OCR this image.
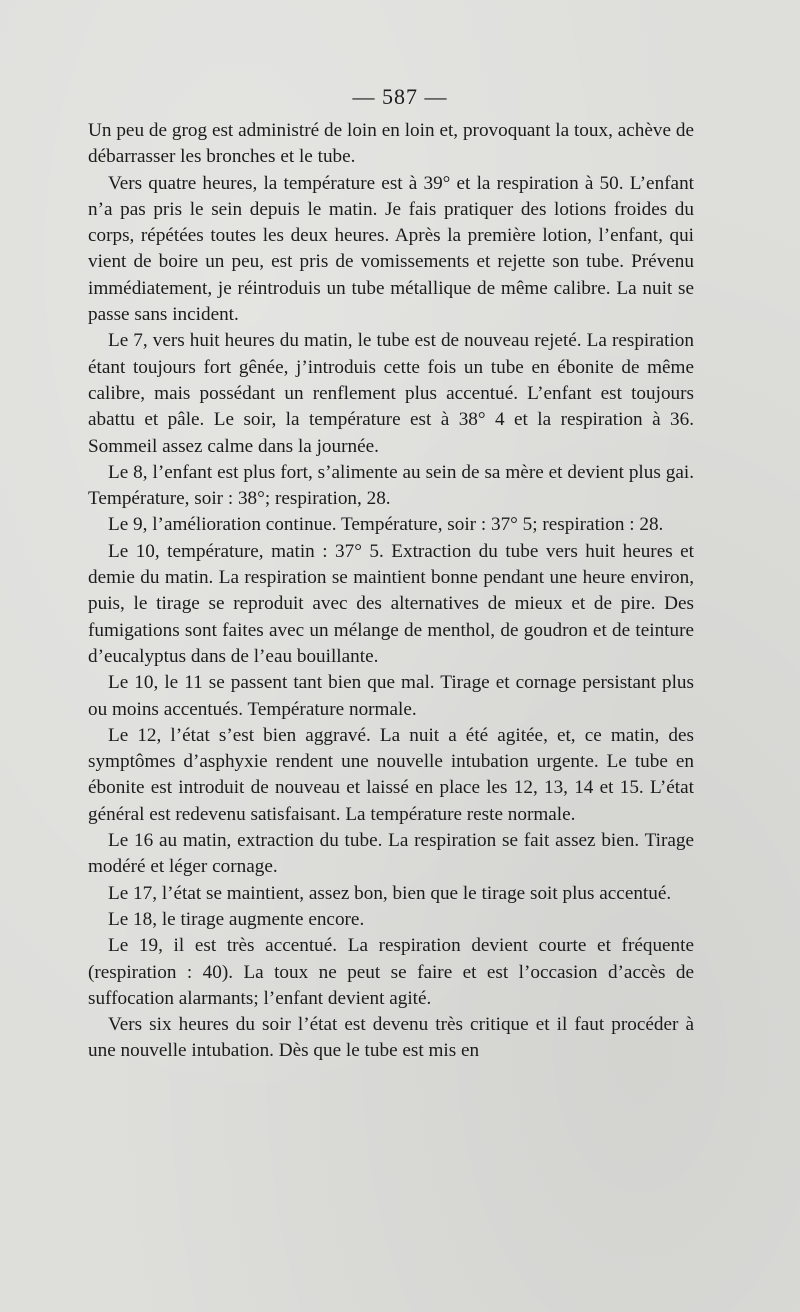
— 587 —

Un peu de grog est administré de loin en loin et, provoquant la toux, achève de débarrasser les bronches et le tube.

Vers quatre heures, la température est à 39° et la respiration à 50. L’enfant n’a pas pris le sein depuis le matin. Je fais pratiquer des lotions froides du corps, répétées toutes les deux heures. Après la première lotion, l’enfant, qui vient de boire un peu, est pris de vomissements et rejette son tube. Prévenu immédiatement, je réintroduis un tube métallique de même calibre. La nuit se passe sans incident.

Le 7, vers huit heures du matin, le tube est de nouveau rejeté. La respiration étant toujours fort gênée, j’introduis cette fois un tube en ébonite de même calibre, mais possédant un renflement plus accentué. L’enfant est toujours abattu et pâle. Le soir, la température est à 38° 4 et la respiration à 36. Sommeil assez calme dans la journée.

Le 8, l’enfant est plus fort, s’alimente au sein de sa mère et devient plus gai. Température, soir : 38°; respiration, 28.

Le 9, l’amélioration continue. Température, soir : 37° 5; respiration : 28.

Le 10, température, matin : 37° 5. Extraction du tube vers huit heures et demie du matin. La respiration se maintient bonne pendant une heure environ, puis, le tirage se reproduit avec des alternatives de mieux et de pire. Des fumigations sont faites avec un mélange de menthol, de goudron et de teinture d’eucalyptus dans de l’eau bouillante.

Le 10, le 11 se passent tant bien que mal. Tirage et cornage persistant plus ou moins accentués. Température normale.

Le 12, l’état s’est bien aggravé. La nuit a été agitée, et, ce matin, des symptômes d’asphyxie rendent une nouvelle intubation urgente. Le tube en ébonite est introduit de nouveau et laissé en place les 12, 13, 14 et 15. L’état général est redevenu satisfaisant. La température reste normale.

Le 16 au matin, extraction du tube. La respiration se fait assez bien. Tirage modéré et léger cornage.

Le 17, l’état se maintient, assez bon, bien que le tirage soit plus accentué.

Le 18, le tirage augmente encore.

Le 19, il est très accentué. La respiration devient courte et fréquente (respiration : 40). La toux ne peut se faire et est l’occasion d’accès de suffocation alarmants; l’enfant devient agité.

Vers six heures du soir l’état est devenu très critique et il faut procéder à une nouvelle intubation. Dès que le tube est mis en
